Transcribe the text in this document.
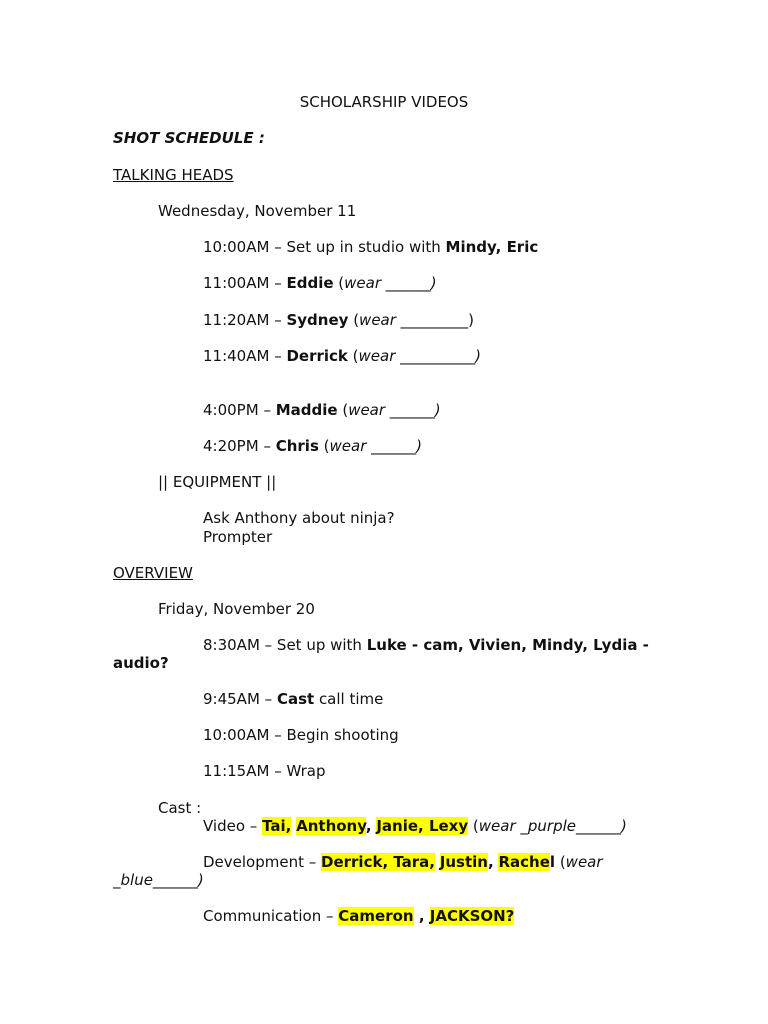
SCHOLARSHIP VIDEOS
SHOT SCHEDULE :
TALKING HEADS
Wednesday, November 11
10:00AM – Set up in studio with Mindy, Eric
11:00AM – Eddie (wear ______)
11:20AM – Sydney (wear _________)
11:40AM – Derrick (wear __________)
4:00PM – Maddie (wear ______)
4:20PM – Chris (wear ______)
|| EQUIPMENT ||
Ask Anthony about ninja?
Prompter
OVERVIEW
Friday, November 20
8:30AM – Set up with Luke - cam, Vivien, Mindy, Lydia -
audio?
9:45AM – Cast call time
10:00AM – Begin shooting
11:15AM – Wrap
Cast :
Video – Tai, Anthony, Janie, Lexy (wear _purple______)
Development – Derrick, Tara, Justin, Rachel (wear
_blue______)
Communication – Cameron , JACKSON?
